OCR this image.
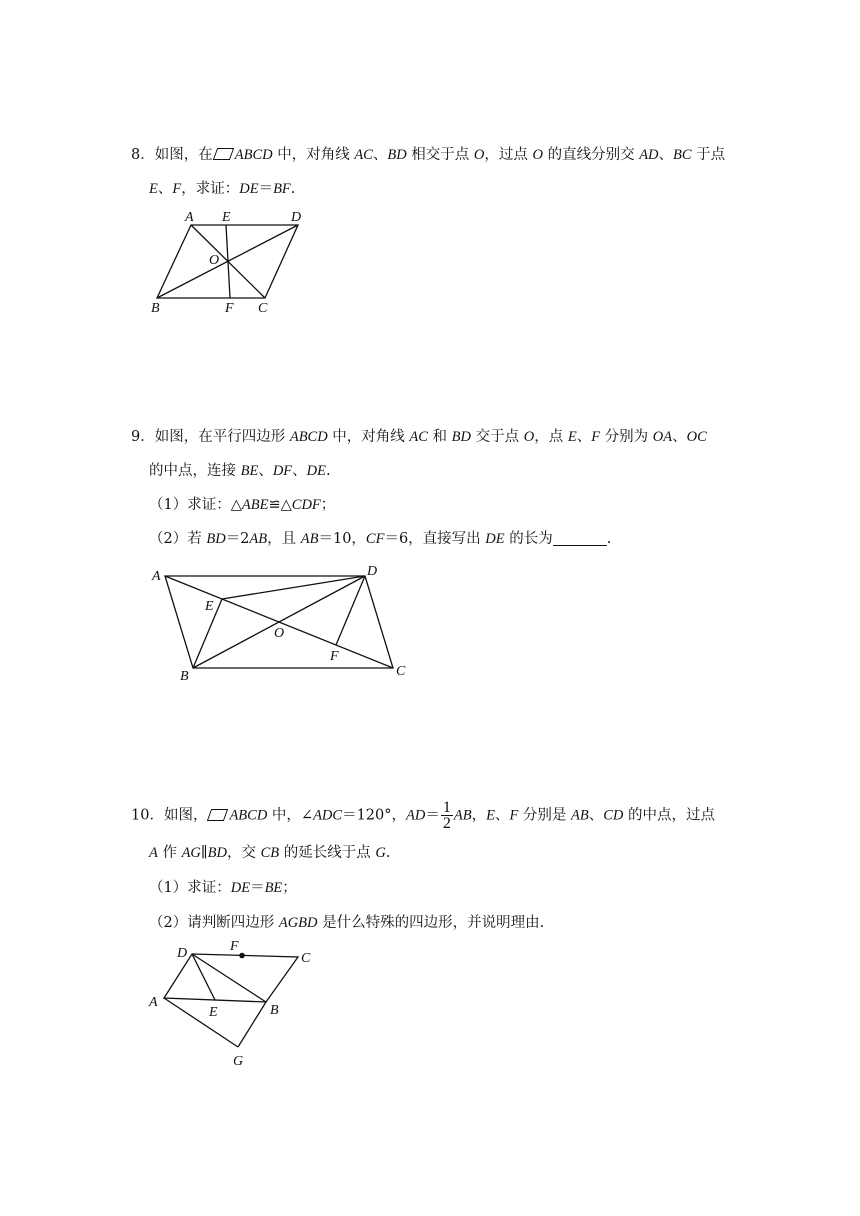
8．如图，在 ABCD 中，对角线 AC、BD 相交于点 O，过点 O 的直线分别交 AD、BC 于点
E、F，求证：DE＝BF.
A E	D
O
B	F C
9．如图，在平行四边形 ABCD 中，对角线 AC 和 BD 交于点 O，点 E、F 分别为 OA、OC
的中点，连接 BE、DF、DE.
（1）求证：△ABE≌△CDF；
（2）若 BD＝2AB，且 AB＝10，CF＝6，直接写出 DE 的长为	.
A	D
E
O
F
B	C
10．如图， ABCD 中，∠ADC＝120°，$AD= \frac{1}{2}$ AB，E、F 分别是 AB、CD 的中点，过点
A 作 AG∥BD，交 CB 的延长线于点 G.
（1）求证：DE＝BE；
（2）请判断四边形 AGBD 是什么特殊的四边形，并说明理由.
D	F
C
A
E	B
G
